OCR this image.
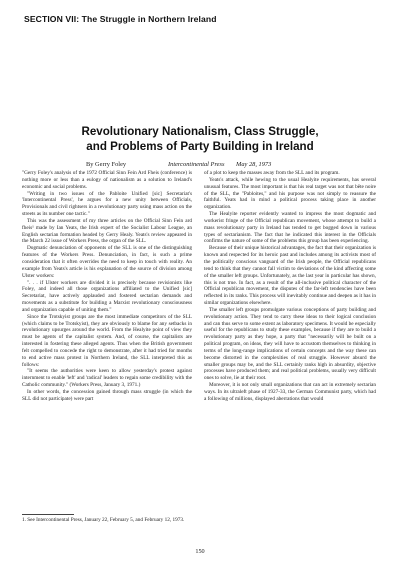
SECTION VII: The Struggle in Northern Ireland
Revolutionary Nationalism, Class Struggle,
and Problems of Party Building in Ireland
By Gerry Foley	Intercontinental Press May 28, 1973

"Gerry Foley's analysis of the 1972 Official Sinn Fein Ard Fheis (conference) is nothing more or less than a eulogy of nationalism as a solution to Ireland's economic and social problems.

"Writing in two issues of the Pabloite Unified [sic] Secretariat's 'Intercontinental Press', he argues for a new unity between Officials, Provisionals and civil rightsers in a revolutionary party using mass action on the streets as its number one tactic."

This was the assessment of my three articles on the Official Sinn Fein ard fheis¹ made by Ian Yeats, the Irish expert of the Socialist Labour League, an English sectarian formation headed by Gerry Healy. Yeats's review appeared in the March 22 issue of Workers Press, the organ of the SLL.

Dogmatic denunciation of opponents of the SLL is one of the distinguishing features of the Workers Press. Denunciation, in fact, is such a prime consideration that it often overrides the need to keep in touch with reality. An example from Yeats's article is his explanation of the source of division among Ulster workers:

". . . if Ulster workers are divided it is precisely because revisionists like Foley, and indeed all those organizations affiliated to the Unified [sic] Secretariat, have actively applauded and fostered sectarian demands and movements as a substitute for building a Marxist revolutionary consciousness and organization capable of uniting them."

Since the Trotskyist groups are the most immediate competitors of the SLL (which claims to be Trotskyist), they are obviously to blame for any setbacks in revolutionary upsurges around the world. From the Healyite point of view they must be agents of the capitalist system. And, of course, the capitalists are interested in fostering these alleged agents. Thus when the British government felt compelled to concede the right to demonstrate, after it had tried for months to end active mass protest in Northern Ireland, the SLL interpreted this as follows:

"It seems the authorities were keen to allow yesterday's protest against internment to enable 'left' and 'radical' leaders to regain some credibility with the Catholic community." (Workers Press, January 3, 1971.)

In other words, the concession gained through mass struggle (in which the SLL did not participate) were part

of a plot to keep the masses away from the SLL and its program.

Yeats's attack, while hewing to the usual Healyite requirements, has several unusual features. The most important is that his real target was not that bête noire of the SLL, the "Pabloites," and his purpose was not simply to reassure the faithful. Yeats had in mind a political process taking place in another organization.

The Healyite reporter evidently wanted to impress the most dogmatic and workerist fringe of the Official republican movement, whose attempt to build a mass revolutionary party in Ireland has tended to get bogged down in various types of sectarianism. The fact that he indicated this interest in the Officials confirms the nature of some of the problems this group has been experiencing.

Because of their unique historical advantages, the fact that their organization is known and respected for its heroic past and includes among its activists most of the politically conscious vanguard of the Irish people, the Official republicans tend to think that they cannot fall victim to deviations of the kind affecting some of the smaller left groups. Unfortunately, as the last year in particular has shown, this is not true. In fact, as a result of the all-inclusive political character of the Official republican movement, the disputes of the far-left tendencies have been reflected in its ranks. This process will inevitably continue and deepen as it has in similar organizations elsewhere.

The smaller left groups promulgate various conceptions of party building and revolutionary action. They tend to carry these ideas to their logical conclusion and can thus serve to some extent as laboratory specimens. It would be especially useful for the republicans to study these examples, because if they are to build a revolutionary party as they hope, a party that "necessarily will be built on a political program, on ideas, they will have to accustom themselves to thinking in terms of the long-range implications of certain concepts and the way these can become distorted in the complexities of real struggle. However absurd the smaller groups may be, and the SLL certainly ranks high in absurdity, objective processes have produced them; and real political problems, usually very difficult ones to solve, lie at their root.

Moreover, it is not only small organizations that can act in extremely sectarian ways. In its ultraleft phase of 1927-33, the German Communist party, which had a following of millions, displayed aberrations that would

1. See Intercontinental Press, January 22, February 5, and February 12, 1973.
150
